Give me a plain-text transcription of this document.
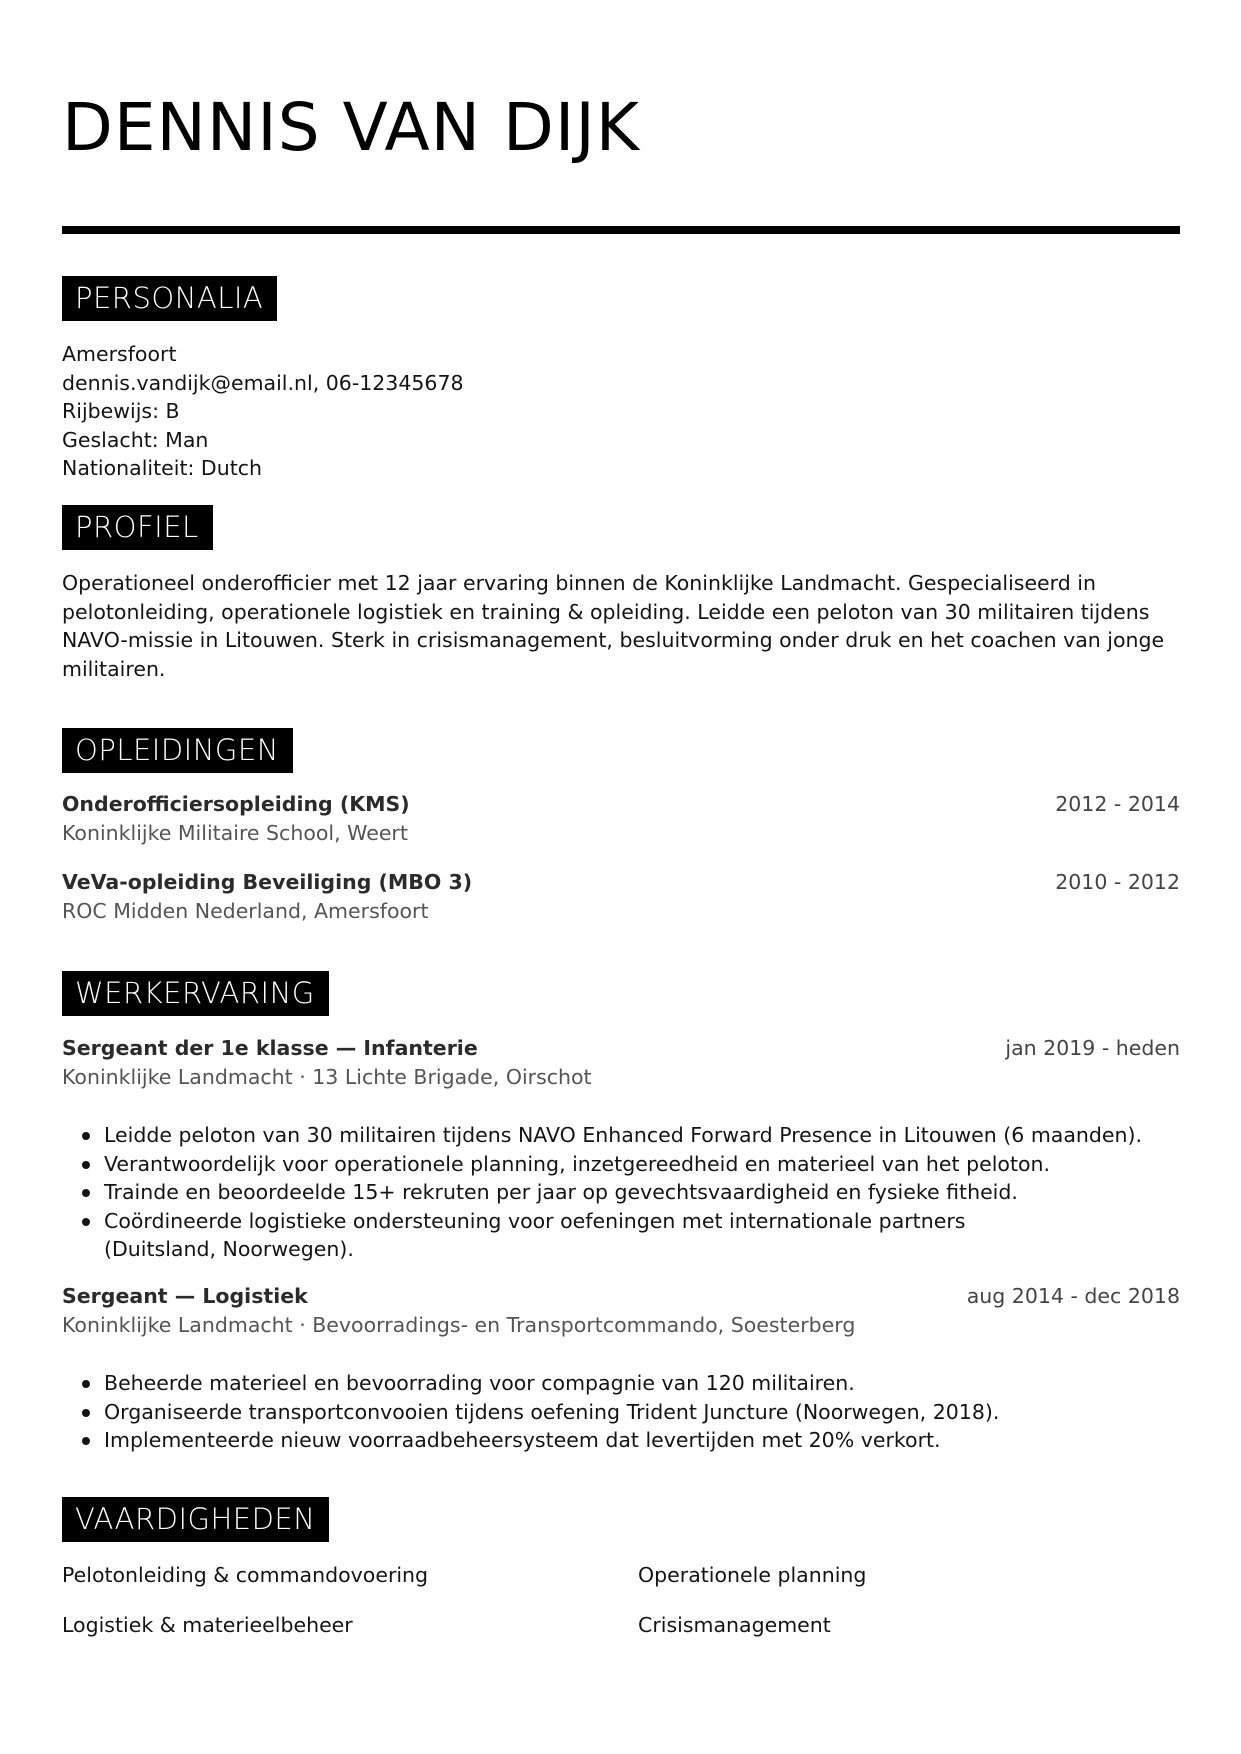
DENNIS VAN DIJK
PERSONALIA
Amersfoort
dennis.vandijk@email.nl, 06-12345678
Rijbewijs: B
Geslacht: Man
Nationaliteit: Dutch
PROFIEL
Operationeel onderofficier met 12 jaar ervaring binnen de Koninklijke Landmacht. Gespecialiseerd in pelotonleiding, operationele logistiek en training & opleiding. Leidde een peloton van 30 militairen tijdens NAVO-missie in Litouwen. Sterk in crisismanagement, besluitvorming onder druk en het coachen van jonge militairen.
OPLEIDINGEN
Onderofficiersopleiding (KMS)
Koninklijke Militaire School, Weert
2012 - 2014
VeVa-opleiding Beveiliging (MBO 3)
ROC Midden Nederland, Amersfoort
2010 - 2012
WERKERVARING
Sergeant der 1e klasse — Infanterie
Koninklijke Landmacht · 13 Lichte Brigade, Oirschot
jan 2019 - heden
Leidde peloton van 30 militairen tijdens NAVO Enhanced Forward Presence in Litouwen (6 maanden).
Verantwoordelijk voor operationele planning, inzetgereedheid en materieel van het peloton.
Trainde en beoordeelde 15+ rekruten per jaar op gevechtsvaardigheid en fysieke fitheid.
Coördineerde logistieke ondersteuning voor oefeningen met internationale partners (Duitsland, Noorwegen).
Sergeant — Logistiek
Koninklijke Landmacht · Bevoorradings- en Transportcommando, Soesterberg
aug 2014 - dec 2018
Beheerde materieel en bevoorrading voor compagnie van 120 militairen.
Organiseerde transportconvooien tijdens oefening Trident Juncture (Noorwegen, 2018).
Implementeerde nieuw voorraadbeheersysteem dat levertijden met 20% verkort.
VAARDIGHEDEN
Pelotonleiding & commandovoering	Operationele planning
Logistiek & materieelbeheer	Crisismanagement
